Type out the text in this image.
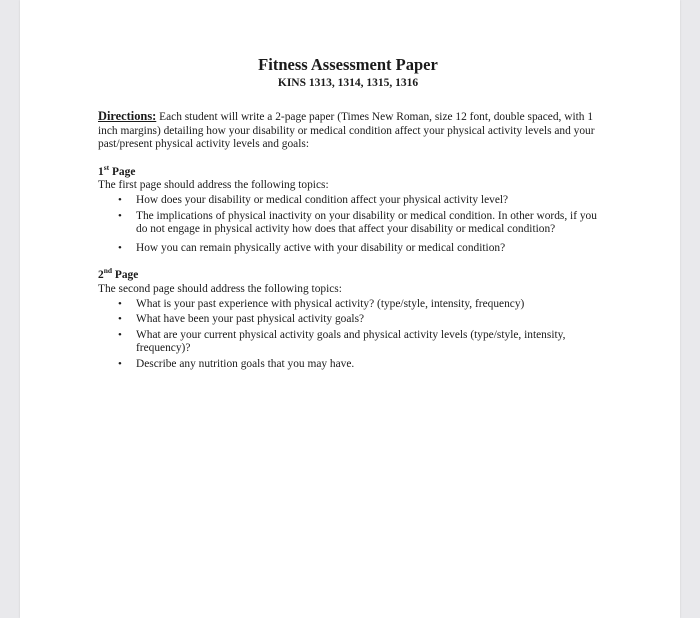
Fitness Assessment Paper

KINS 1313, 1314, 1315, 1316

Directions: Each student will write a 2-page paper (Times New Roman, size 12 font, double spaced, with 1 inch margins) detailing how your disability or medical condition affect your physical activity levels and your past/present physical activity levels and goals:

1st Page

The first page should address the following topics:

• How does your disability or medical condition affect your physical activity level?
• The implications of physical inactivity on your disability or medical condition. In other words, if you do not engage in physical activity how does that affect your disability or medical condition?
• How you can remain physically active with your disability or medical condition?

2nd Page

The second page should address the following topics:

• What is your past experience with physical activity? (type/style, intensity, frequency)
• What have been your past physical activity goals?
• What are your current physical activity goals and physical activity levels (type/style, intensity, frequency)?
• Describe any nutrition goals that you may have.
